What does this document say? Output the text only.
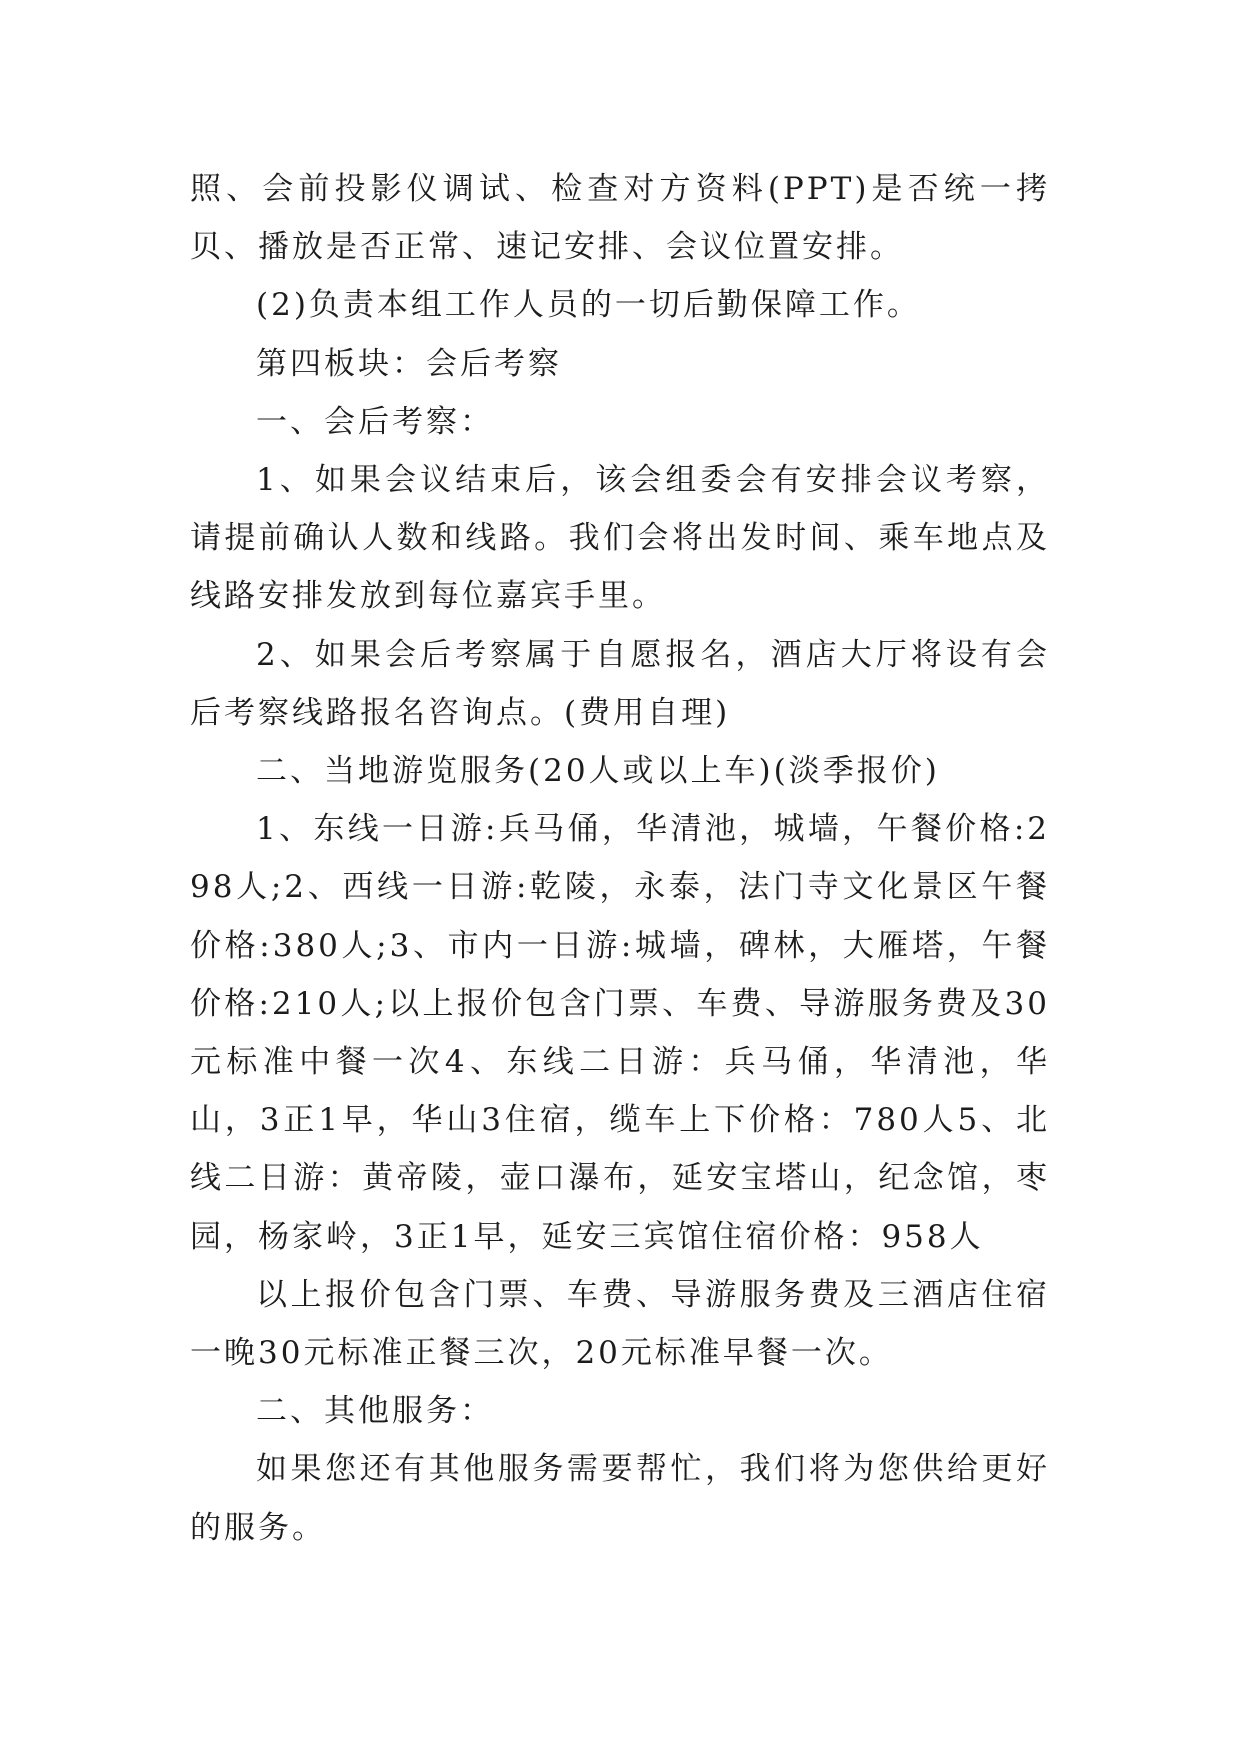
照、会前投影仪调试、检查对方资料(PPT)是否统一拷贝、播放是否正常、速记安排、会议位置安排。

(2)负责本组工作人员的一切后勤保障工作。

第四板块：会后考察

一、会后考察：

1、如果会议结束后，该会组委会有安排会议考察，请提前确认人数和线路。我们会将出发时间、乘车地点及线路安排发放到每位嘉宾手里。

2、如果会后考察属于自愿报名，酒店大厅将设有会后考察线路报名咨询点。(费用自理)

二、当地游览服务(20人或以上车)(淡季报价)

1、东线一日游:兵马俑，华清池，城墙，午餐价格:298人;2、西线一日游:乾陵，永泰，法门寺文化景区午餐价格:380人;3、市内一日游:城墙，碑林，大雁塔，午餐价格:210人;以上报价包含门票、车费、导游服务费及30元标准中餐一次4、东线二日游：兵马俑，华清池，华山，3正1早，华山3住宿，缆车上下价格：780人5、北线二日游：黄帝陵，壶口瀑布，延安宝塔山，纪念馆，枣园，杨家岭，3正1早，延安三宾馆住宿价格：958人

以上报价包含门票、车费、导游服务费及三酒店住宿一晚30元标准正餐三次，20元标准早餐一次。

二、其他服务：

如果您还有其他服务需要帮忙，我们将为您供给更好的服务。
